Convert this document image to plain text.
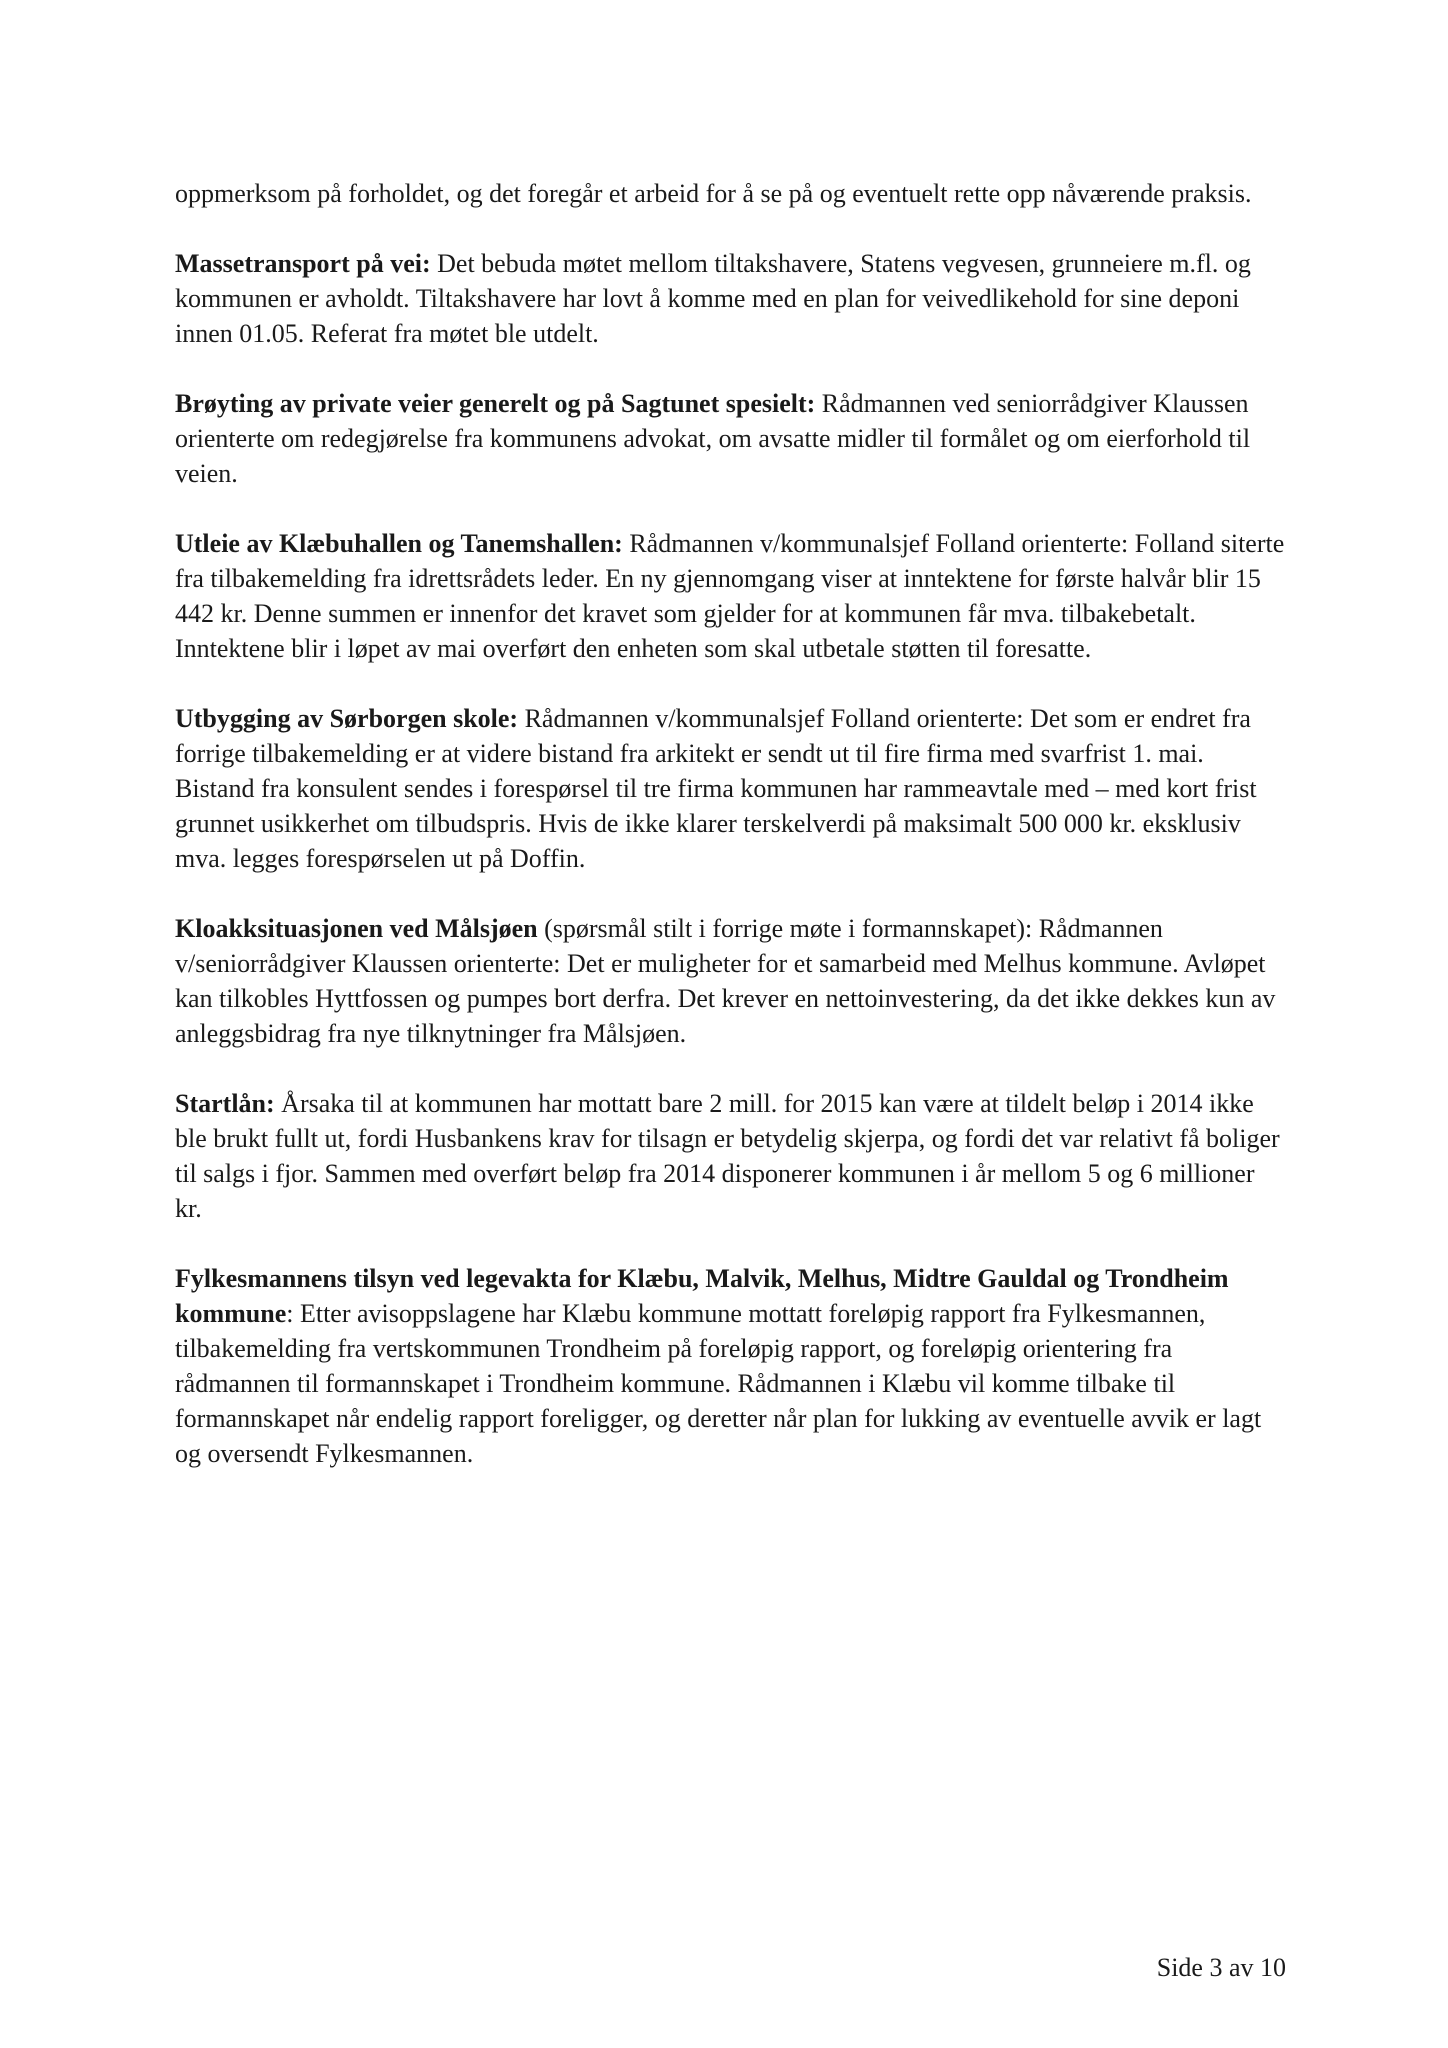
oppmerksom på forholdet, og det foregår et arbeid for å se på og eventuelt rette opp nåværende praksis.

Massetransport på vei: Det bebuda møtet mellom tiltakshavere, Statens vegvesen, grunneiere m.fl. og kommunen er avholdt. Tiltakshavere har lovt å komme med en plan for veivedlikehold for sine deponi innen 01.05. Referat fra møtet ble utdelt.

Brøyting av private veier generelt og på Sagtunet spesielt: Rådmannen ved seniorrådgiver Klaussen orienterte om redegjørelse fra kommunens advokat, om avsatte midler til formålet og om eierforhold til veien.

Utleie av Klæbuhallen og Tanemshallen: Rådmannen v/kommunalsjef Folland orienterte: Folland siterte fra tilbakemelding fra idrettsrådets leder. En ny gjennomgang viser at inntektene for første halvår blir 15 442 kr. Denne summen er innenfor det kravet som gjelder for at kommunen får mva. tilbakebetalt. Inntektene blir i løpet av mai overført den enheten som skal utbetale støtten til foresatte.

Utbygging av Sørborgen skole: Rådmannen v/kommunalsjef Folland orienterte: Det som er endret fra forrige tilbakemelding er at videre bistand fra arkitekt er sendt ut til fire firma med svarfrist 1. mai. Bistand fra konsulent sendes i forespørsel til tre firma kommunen har rammeavtale med – med kort frist grunnet usikkerhet om tilbudspris. Hvis de ikke klarer terskelverdi på maksimalt 500 000 kr. eksklusiv mva. legges forespørselen ut på Doffin.

Kloakksituasjonen ved Målsjøen (spørsmål stilt i forrige møte i formannskapet): Rådmannen v/seniorrådgiver Klaussen orienterte: Det er muligheter for et samarbeid med Melhus kommune. Avløpet kan tilkobles Hyttfossen og pumpes bort derfra. Det krever en nettoinvestering, da det ikke dekkes kun av anleggsbidrag fra nye tilknytninger fra Målsjøen.

Startlån: Årsaka til at kommunen har mottatt bare 2 mill. for 2015 kan være at tildelt beløp i 2014 ikke ble brukt fullt ut, fordi Husbankens krav for tilsagn er betydelig skjerpa, og fordi det var relativt få boliger til salgs i fjor. Sammen med overført beløp fra 2014 disponerer kommunen i år mellom 5 og 6 millioner kr.

Fylkesmannens tilsyn ved legevakta for Klæbu, Malvik, Melhus, Midtre Gauldal og Trondheim kommune: Etter avisoppslagene har Klæbu kommune mottatt foreløpig rapport fra Fylkesmannen, tilbakemelding fra vertskommunen Trondheim på foreløpig rapport, og foreløpig orientering fra rådmannen til formannskapet i Trondheim kommune. Rådmannen i Klæbu vil komme tilbake til formannskapet når endelig rapport foreligger, og deretter når plan for lukking av eventuelle avvik er lagt og oversendt Fylkesmannen.

Side 3 av 10
